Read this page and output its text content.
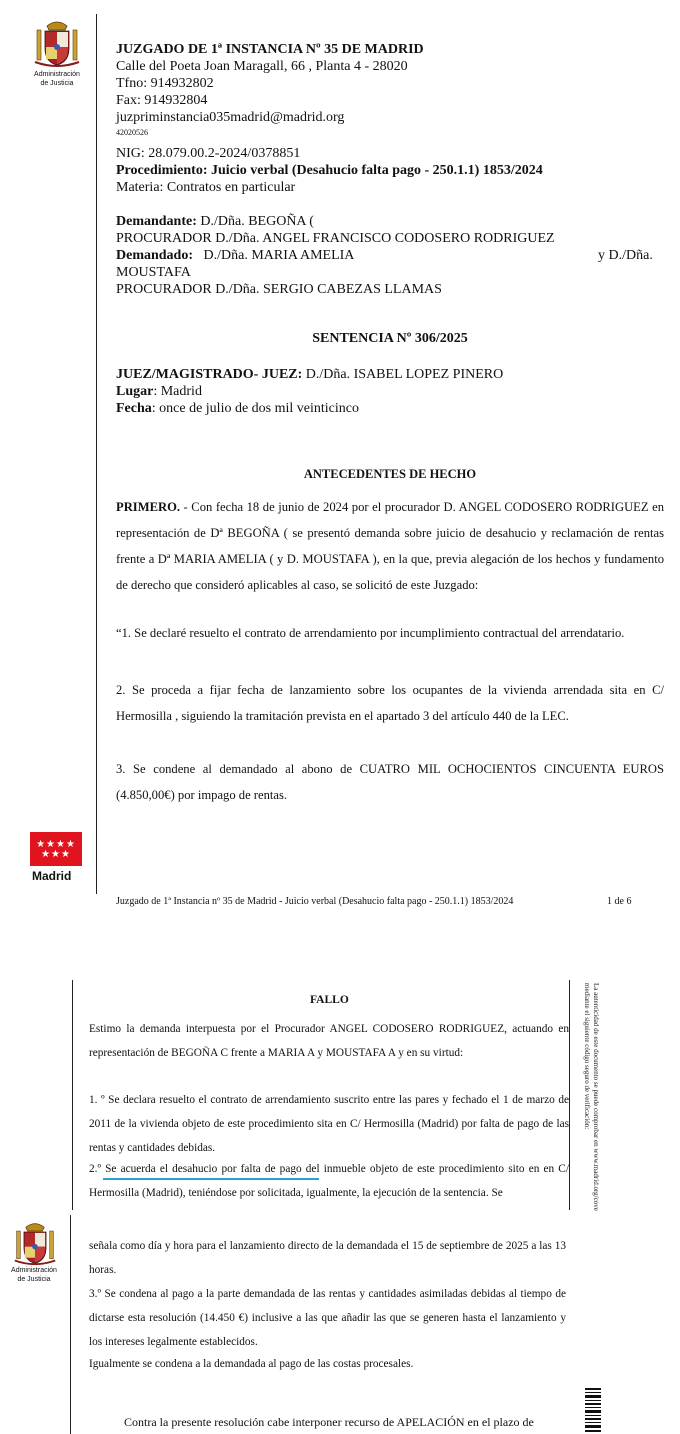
Administración
de Justicia
JUZGADO DE 1ª INSTANCIA Nº 35 DE MADRID
Calle del Poeta Joan Maragall, 66 , Planta 4 - 28020
Tfno: 914932802
Fax: 914932804
juzpriminstancia035madrid@madrid.org
42020526
NIG: 28.079.00.2-2024/0378851
Procedimiento: Juicio verbal (Desahucio falta pago - 250.1.1) 1853/2024
Materia: Contratos en particular
Demandante: D./Dña. BEGOÑA (
PROCURADOR D./Dña. ANGEL FRANCISCO CODOSERO RODRIGUEZ
Demandado: D./Dña. MARIA AMELIA	y D./Dña.
MOUSTAFA
PROCURADOR D./Dña. SERGIO CABEZAS LLAMAS
SENTENCIA Nº 306/2025
JUEZ/MAGISTRADO- JUEZ: D./Dña. ISABEL LOPEZ PINERO
Lugar: Madrid
Fecha: once de julio de dos mil veinticinco
ANTECEDENTES DE HECHO
PRIMERO. - Con fecha 18 de junio de 2024 por el procurador D. ANGEL CODOSERO RODRIGUEZ en representación de Dª BEGOÑA ( se presentó demanda sobre juicio de desahucio y reclamación de rentas frente a Dª MARIA AMELIA ( y D. MOUSTAFA ), en la que, previa alegación de los hechos y fundamento de derecho que consideró aplicables al caso, se solicitó de este Juzgado:
“1. Se declaré resuelto el contrato de arrendamiento por incumplimiento contractual del arrendatario.
2. Se proceda a fijar fecha de lanzamiento sobre los ocupantes de la vivienda arrendada sita en C/ Hermosilla , siguiendo la tramitación prevista en el apartado 3 del artículo 440 de la LEC.
3. Se condene al demandado al abono de CUATRO MIL OCHOCIENTOS CINCUENTA EUROS (4.850,00€) por impago de rentas.
★★★★
★★★
Madrid
Juzgado de 1ª Instancia nº 35 de Madrid - Juicio verbal (Desahucio falta pago - 250.1.1) 1853/2024	1 de 6
FALLO
Estimo la demanda interpuesta por el Procurador ANGEL CODOSERO RODRIGUEZ, actuando en representación de BEGOÑA C frente a MARIA A y MOUSTAFA A y en su virtud:
1. º Se declara resuelto el contrato de arrendamiento suscrito entre las pares y fechado el 1 de marzo de 2011 de la vivienda objeto de este procedimiento sita en C/ Hermosilla (Madrid) por falta de pago de las rentas y cantidades debidas.
2.º Se acuerda el desahucio por falta de pago del inmueble objeto de este procedimiento sito en en C/ Hermosilla (Madrid), teniéndose por solicitada, igualmente, la ejecución de la sentencia. Se	La autenticidad de este documento se puede comprobar en www.madrid.org/cove
mediante el siguiente código seguro de verificación:
Administración
de Justicia
señala como día y hora para el lanzamiento directo de la demandada el 15 de septiembre de 2025 a las 13 horas.
3.º Se condena al pago a la parte demandada de las rentas y cantidades asimiladas debidas al tiempo de dictarse esta resolución (14.450 €) inclusive a las que añadir las que se generen hasta el lanzamiento y los intereses legalmente establecidos.
Igualmente se condena a la demandada al pago de las costas procesales.
Contra la presente resolución cabe interponer recurso de APELACIÓN en el plazo de
